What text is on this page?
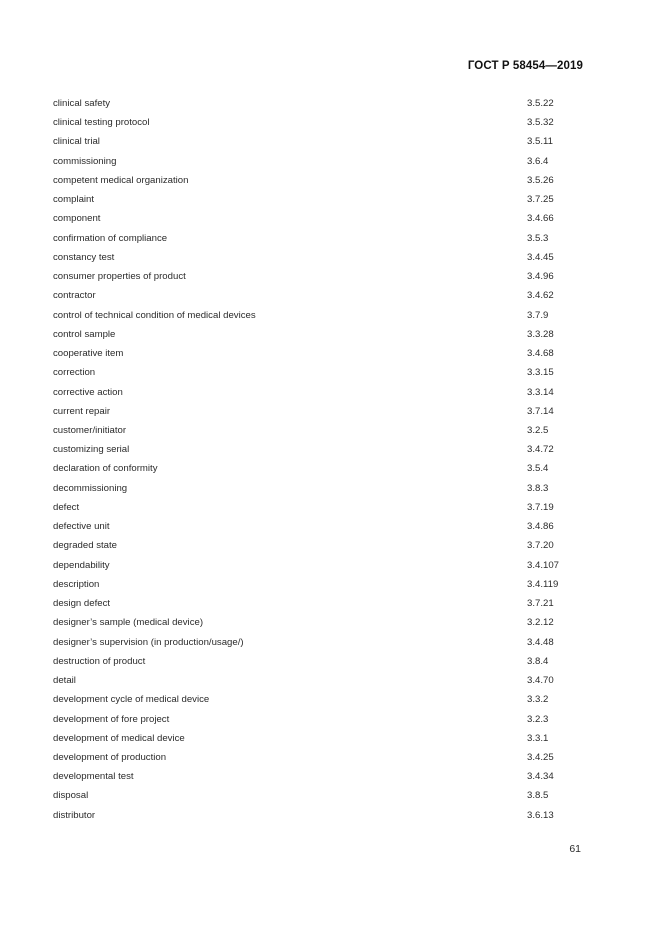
ГОСТ Р 58454—2019
clinical safety	3.5.22
clinical testing protocol	3.5.32
clinical trial	3.5.11
commissioning	3.6.4
competent medical organization	3.5.26
complaint	3.7.25
component	3.4.66
confirmation of compliance	3.5.3
constancy test	3.4.45
consumer properties of product	3.4.96
contractor	3.4.62
control of technical condition of medical devices	3.7.9
control sample	3.3.28
cooperative item	3.4.68
correction	3.3.15
corrective action	3.3.14
current repair	3.7.14
customer/initiator	3.2.5
customizing serial	3.4.72
declaration of conformity	3.5.4
decommissioning	3.8.3
defect	3.7.19
defective unit	3.4.86
degraded state	3.7.20
dependability	3.4.107
description	3.4.119
design defect	3.7.21
designer’s sample (medical device)	3.2.12
designer’s supervision (in production/usage/)	3.4.48
destruction of product	3.8.4
detail	3.4.70
development cycle of medical device	3.3.2
development of fore project	3.2.3
development of medical device	3.3.1
development of production	3.4.25
developmental test	3.4.34
disposal	3.8.5
distributor	3.6.13
61
